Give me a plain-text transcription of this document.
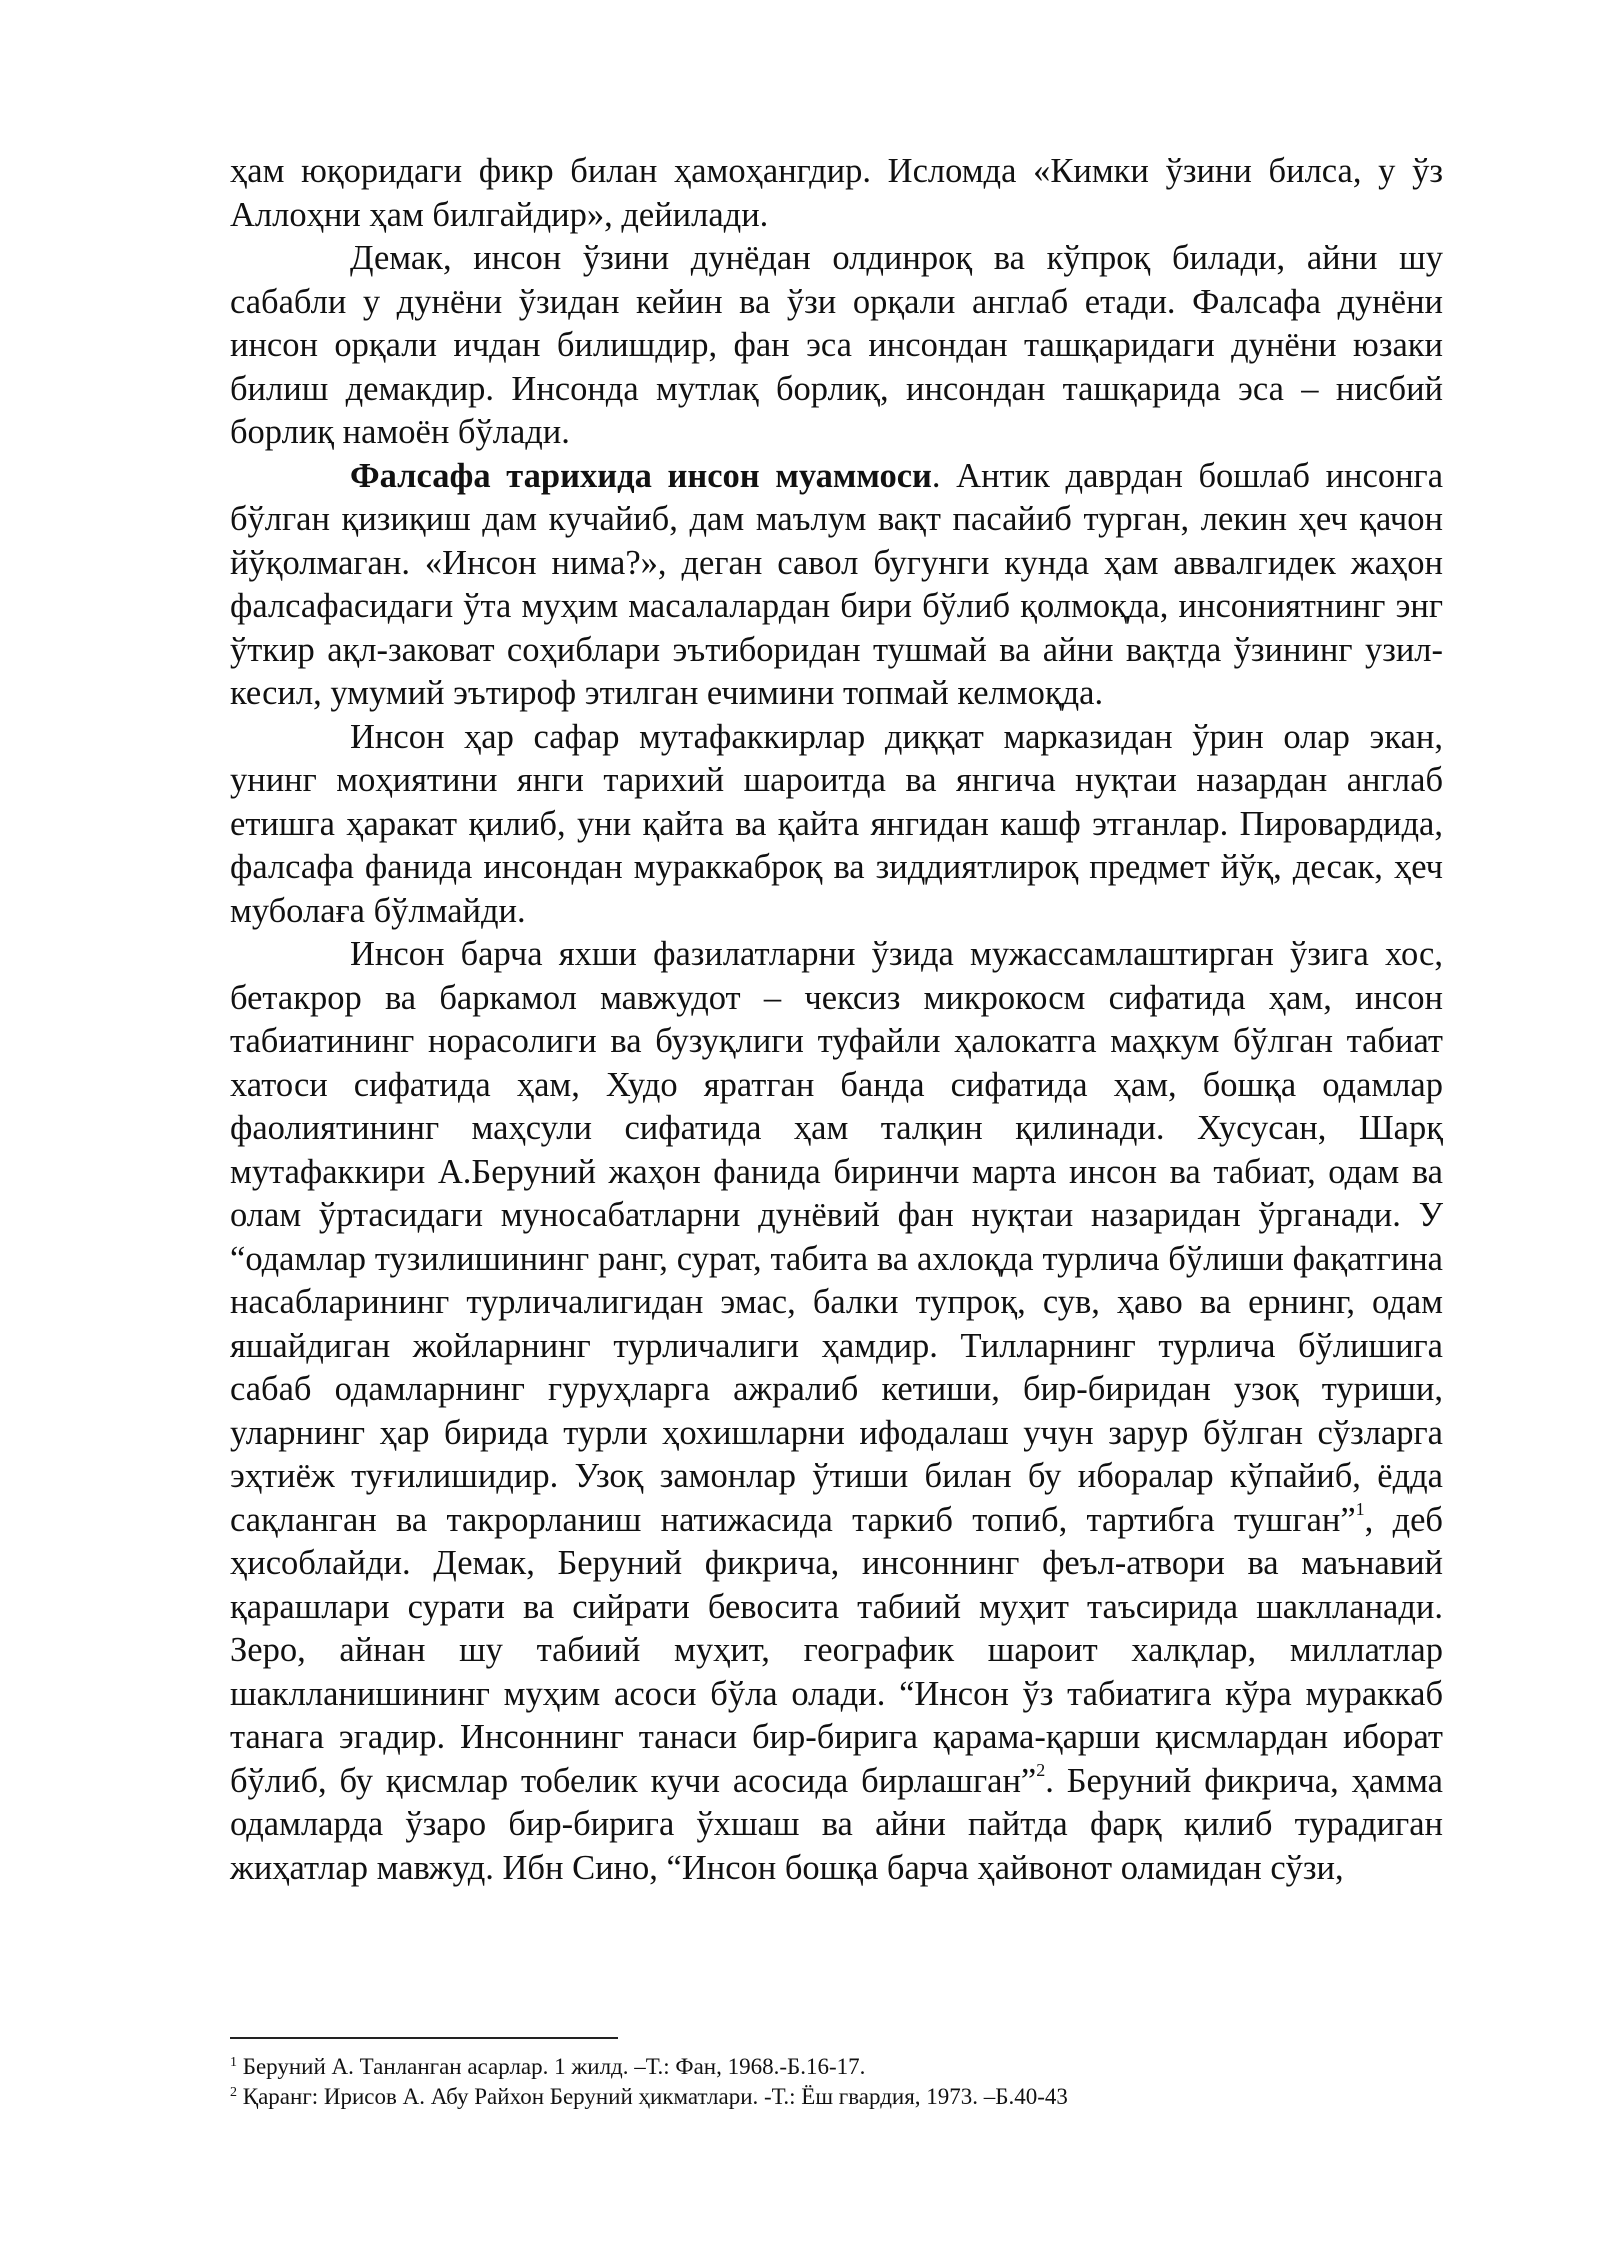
ҳам юқоридаги фикр билан ҳамоҳангдир. Исломда «Кимки ўзини билса, у ўз Аллоҳни ҳам билгайдир», дейилади.

Демак, инсон ўзини дунёдан олдинроқ ва кўпроқ билади, айни шу сабабли у дунёни ўзидан кейин ва ўзи орқали англаб етади. Фалсафа дунёни инсон орқали ичдан билишдир, фан эса инсондан ташқаридаги дунёни юзаки билиш демакдир. Инсонда мутлақ борлиқ, инсондан ташқарида эса – нисбий борлиқ намоён бўлади.

Фалсафа тарихида инсон муаммоси. Антик даврдан бошлаб инсонга бўлган қизиқиш дам кучайиб, дам маълум вақт пасайиб турган, лекин ҳеч қачон йўқолмаган. «Инсон нима?», деган савол бугунги кунда ҳам аввалгидек жаҳон фалсафасидаги ўта муҳим масалалардан бири бўлиб қолмоқда, инсониятнинг энг ўткир ақл-заковат соҳиблари эътиборидан тушмай ва айни вақтда ўзининг узил-кесил, умумий эътироф этилган ечимини топмай келмоқда.

Инсон ҳар сафар мутафаккирлар диққат марказидан ўрин олар экан, унинг моҳиятини янги тарихий шароитда ва янгича нуқтаи назардан англаб етишга ҳаракат қилиб, уни қайта ва қайта янгидан кашф этганлар. Пировардида, фалсафа фанида инсондан мураккаброқ ва зиддиятлироқ предмет йўқ, десак, ҳеч муболаға бўлмайди.

Инсон барча яхши фазилатларни ўзида мужассамлаштирган ўзига хос, бетакрор ва баркамол мавжудот – чексиз микрокосм сифатида ҳам, инсон табиатининг норасолиги ва бузуқлиги туфайли ҳалокатга маҳкум бўлган табиат хатоси сифатида ҳам, Худо яратган банда сифатида ҳам, бошқа одамлар фаолиятининг маҳсули сифатида ҳам талқин қилинади. Хусусан, Шарқ мутафаккири А.Беруний жаҳон фанида биринчи марта инсон ва табиат, одам ва олам ўртасидаги муносабатларни дунёвий фан нуқтаи назаридан ўрганади. У “одамлар тузилишининг ранг, сурат, табита ва ахлоқда турлича бўлиши фақатгина насабларининг турличалигидан эмас, балки тупроқ, сув, ҳаво ва ернинг, одам яшайдиган жойларнинг турличалиги ҳамдир. Тилларнинг турлича бўлишига сабаб одамларнинг гуруҳларга ажралиб кетиши, бир-биридан узоқ туриши, уларнинг ҳар бирида турли ҳохишларни ифодалаш учун зарур бўлган сўзларга эҳтиёж туғилишидир. Узоқ замонлар ўтиши билан бу иборалар кўпайиб, ёдда сақланган ва такрорланиш натижасида таркиб топиб, тартибга тушган”$^1$, деб ҳисоблайди. Демак, Беруний фикрича, инсоннинг феъл-атвори ва маънавий қарашлари сурати ва сийрати бевосита табиий муҳит таъсирида шаклланади. Зеро, айнан шу табиий муҳит, географик шароит халқлар, миллатлар шаклланишининг муҳим асоси бўла олади. “Инсон ўз табиатига кўра мураккаб танага эгадир. Инсоннинг танаси бир-бирига қарама-қарши қисмлардан иборат бўлиб, бу қисмлар тобелик кучи асосида бирлашган”$^2$. Беруний фикрича, ҳамма одамларда ўзаро бир-бирига ўхшаш ва айни пайтда фарқ қилиб турадиган жиҳатлар мавжуд. Ибн Сино, “Инсон бошқа барча ҳайвонот оламидан сўзи,

$^1$ Беруний А. Танланган асарлар. 1 жилд. –Т.: Фан, 1968.-Б.16-17.

$^2$ Қаранг: Ирисов А. Абу Райхон Беруний ҳикматлари. -Т.: Ёш гвардия, 1973. –Б.40-43
